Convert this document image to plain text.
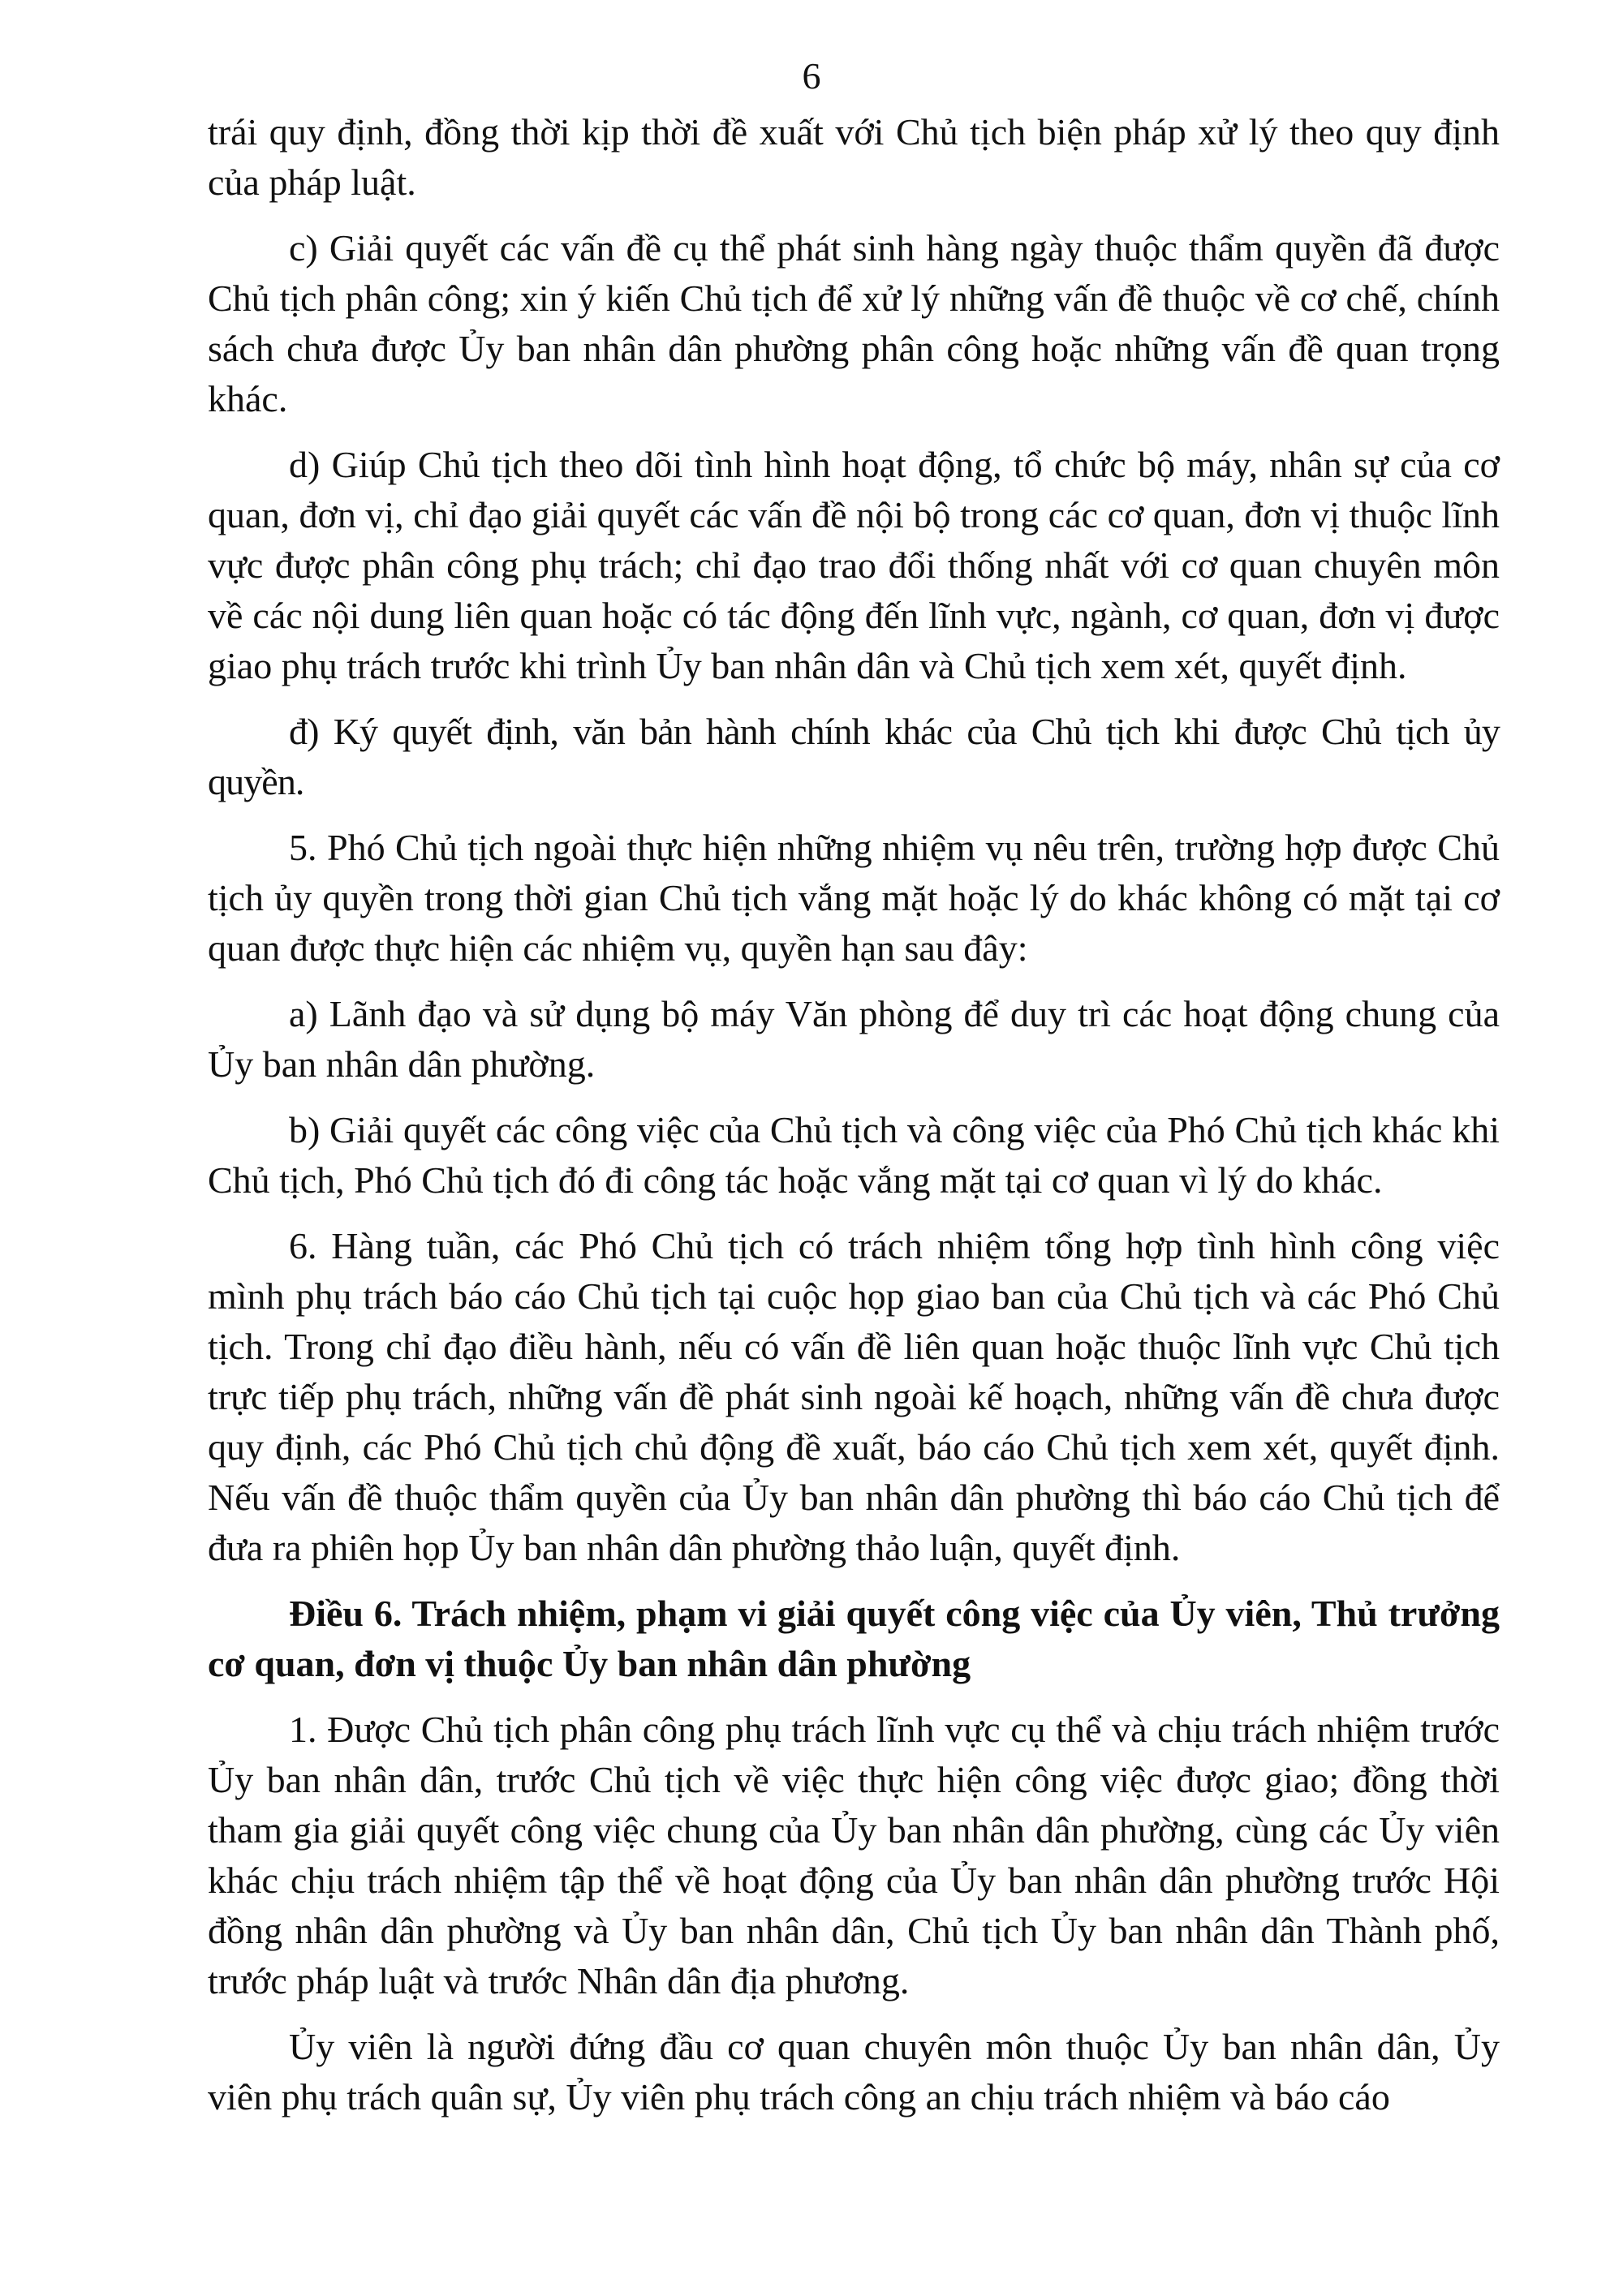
6

trái quy định, đồng thời kịp thời đề xuất với Chủ tịch biện pháp xử lý theo quy định của pháp luật.

c) Giải quyết các vấn đề cụ thể phát sinh hàng ngày thuộc thẩm quyền đã được Chủ tịch phân công; xin ý kiến Chủ tịch để xử lý những vấn đề thuộc về cơ chế, chính sách chưa được Ủy ban nhân dân phường phân công hoặc những vấn đề quan trọng khác.

d) Giúp Chủ tịch theo dõi tình hình hoạt động, tổ chức bộ máy, nhân sự của cơ quan, đơn vị, chỉ đạo giải quyết các vấn đề nội bộ trong các cơ quan, đơn vị thuộc lĩnh vực được phân công phụ trách; chỉ đạo trao đổi thống nhất với cơ quan chuyên môn về các nội dung liên quan hoặc có tác động đến lĩnh vực, ngành, cơ quan, đơn vị được giao phụ trách trước khi trình Ủy ban nhân dân và Chủ tịch xem xét, quyết định.

đ) Ký quyết định, văn bản hành chính khác của Chủ tịch khi được Chủ tịch ủy quyền.

5. Phó Chủ tịch ngoài thực hiện những nhiệm vụ nêu trên, trường hợp được Chủ tịch ủy quyền trong thời gian Chủ tịch vắng mặt hoặc lý do khác không có mặt tại cơ quan được thực hiện các nhiệm vụ, quyền hạn sau đây:

a) Lãnh đạo và sử dụng bộ máy Văn phòng để duy trì các hoạt động chung của Ủy ban nhân dân phường.

b) Giải quyết các công việc của Chủ tịch và công việc của Phó Chủ tịch khác khi Chủ tịch, Phó Chủ tịch đó đi công tác hoặc vắng mặt tại cơ quan vì lý do khác.

6. Hàng tuần, các Phó Chủ tịch có trách nhiệm tổng hợp tình hình công việc mình phụ trách báo cáo Chủ tịch tại cuộc họp giao ban của Chủ tịch và các Phó Chủ tịch. Trong chỉ đạo điều hành, nếu có vấn đề liên quan hoặc thuộc lĩnh vực Chủ tịch trực tiếp phụ trách, những vấn đề phát sinh ngoài kế hoạch, những vấn đề chưa được quy định, các Phó Chủ tịch chủ động đề xuất, báo cáo Chủ tịch xem xét, quyết định. Nếu vấn đề thuộc thẩm quyền của Ủy ban nhân dân phường thì báo cáo Chủ tịch để đưa ra phiên họp Ủy ban nhân dân phường thảo luận, quyết định.

Điều 6. Trách nhiệm, phạm vi giải quyết công việc của Ủy viên, Thủ trưởng cơ quan, đơn vị thuộc Ủy ban nhân dân phường

1. Được Chủ tịch phân công phụ trách lĩnh vực cụ thể và chịu trách nhiệm trước Ủy ban nhân dân, trước Chủ tịch về việc thực hiện công việc được giao; đồng thời tham gia giải quyết công việc chung của Ủy ban nhân dân phường, cùng các Ủy viên khác chịu trách nhiệm tập thể về hoạt động của Ủy ban nhân dân phường trước Hội đồng nhân dân phường và Ủy ban nhân dân, Chủ tịch Ủy ban nhân dân Thành phố, trước pháp luật và trước Nhân dân địa phương.

Ủy viên là người đứng đầu cơ quan chuyên môn thuộc Ủy ban nhân dân, Ủy viên phụ trách quân sự, Ủy viên phụ trách công an chịu trách nhiệm và báo cáo
